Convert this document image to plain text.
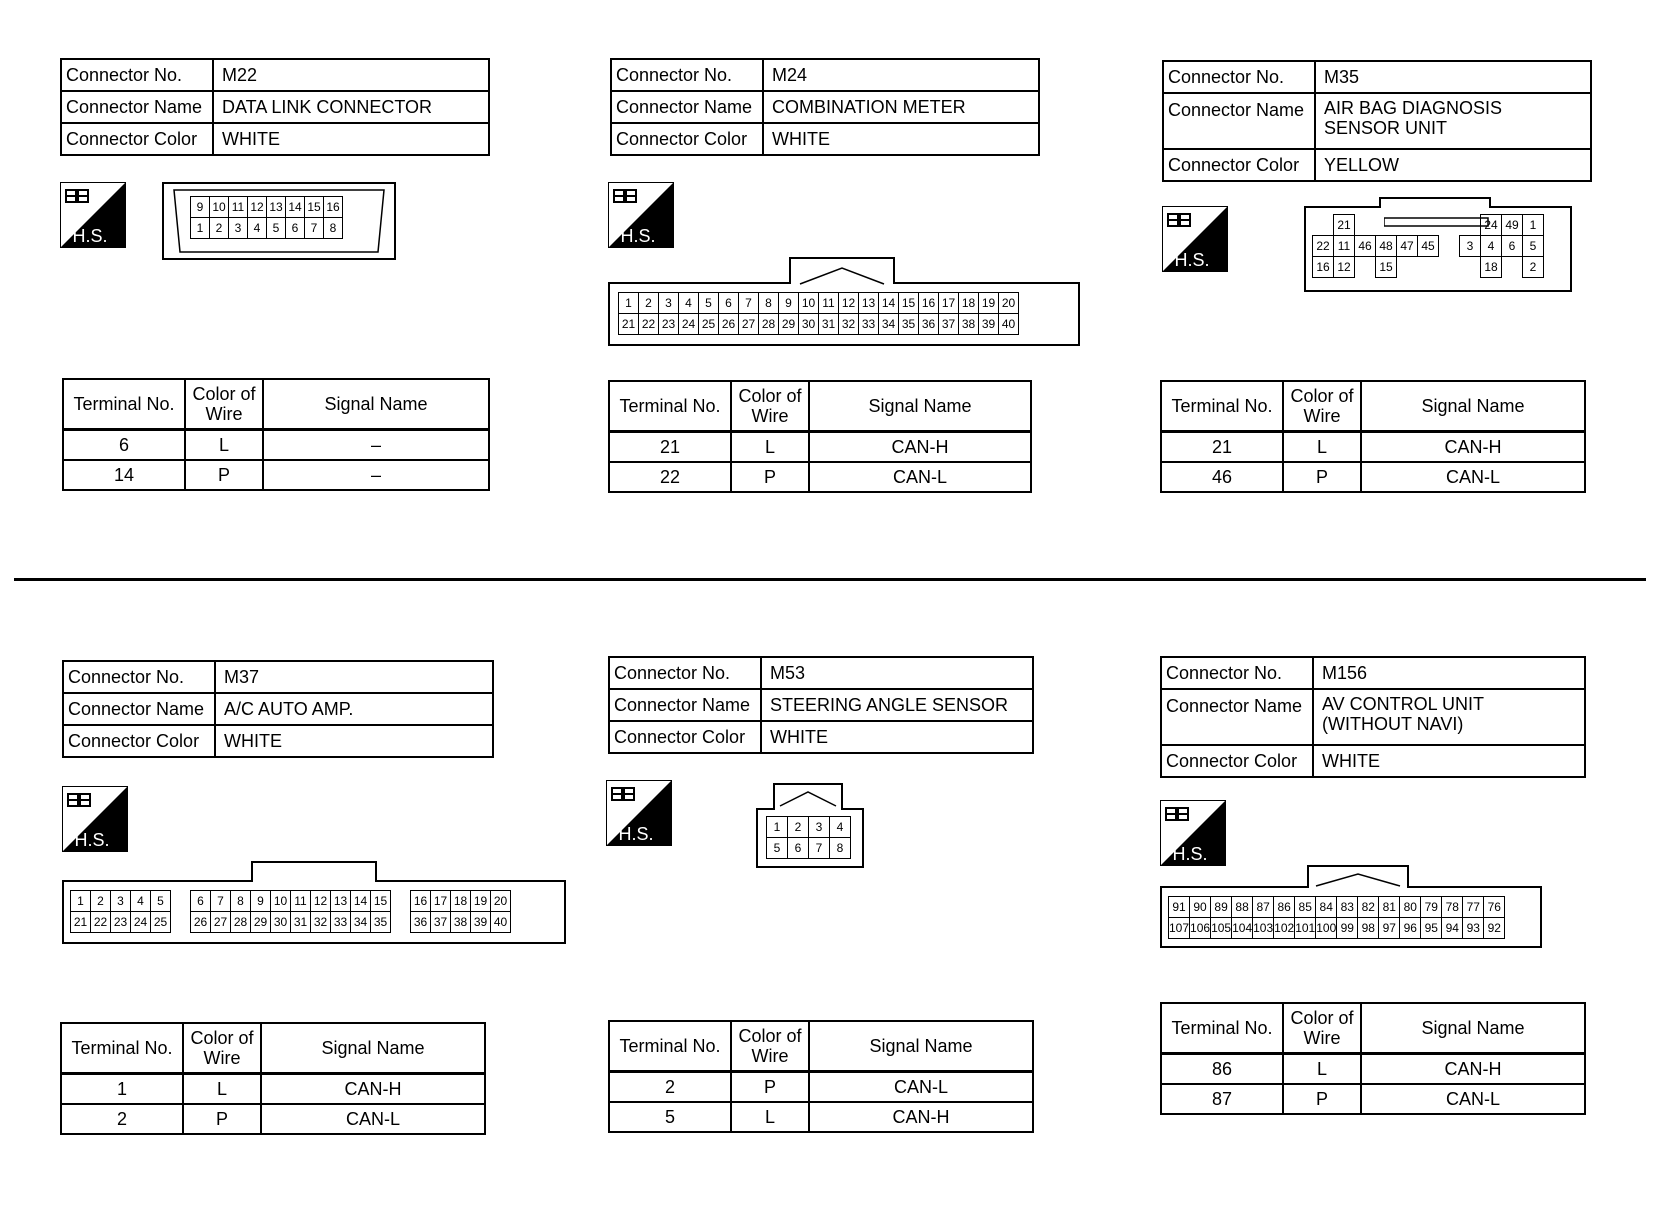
Connector No.	M22
Connector Name	DATA LINK CONNECTOR
Connector Color	WHITE
H.S.
9	10	11	12	13	14	15	16
1	2	3	4	5	6	7	8
Terminal No.	Color of Wire	Signal Name
6	L	–
14	P	–
Connector No.	M24
Connector Name	COMBINATION METER
Connector Color	WHITE
H.S.
1	2	3	4	5	6	7	8	9	10	11	12	13	14	15	16	17	18	19	20
21	22	23	24	25	26	27	28	29	30	31	32	33	34	35	36	37	38	39	40
Terminal No.	Color of Wire	Signal Name
21	L	CAN-H
22	P	CAN-L
Connector No.	M35
Connector Name	AIR BAG DIAGNOSIS
SENSOR UNIT

Connector Color	YELLOW
H.S.
	21							24	49	1
22	11	46	48	47	45		3	4	6	5
16	12		15					18		2
Terminal No.	Color of Wire	Signal Name
21	L	CAN-H
46	P	CAN-L
Connector No.	M37
Connector Name	A/C AUTO AMP.
Connector Color	WHITE
H.S.
1	2	3	4	5		6	7	8	9	10	11	12	13	14	15		16	17	18	19	20
21	22	23	24	25		26	27	28	29	30	31	32	33	34	35		36	37	38	39	40
Terminal No.	Color of Wire	Signal Name
1	L	CAN-H
2	P	CAN-L
Connector No.	M53
Connector Name	STEERING ANGLE SENSOR
Connector Color	WHITE
H.S.	1	2	3	4
5	6	7	8
Terminal No.	Color of Wire	Signal Name
2	P	CAN-L
5	L	CAN-H
Connector No.	M156
Connector Name	AV CONTROL UNIT
(WITHOUT NAVI)

Connector Color	WHITE
H.S.
91	90	89	88	87	86	85	84	83	82	81	80	79	78	77	76
107	106	105	104	103	102	101	100	99	98	97	96	95	94	93	92
Terminal No.	Color of Wire	Signal Name
86	L	CAN-H
87	P	CAN-L
